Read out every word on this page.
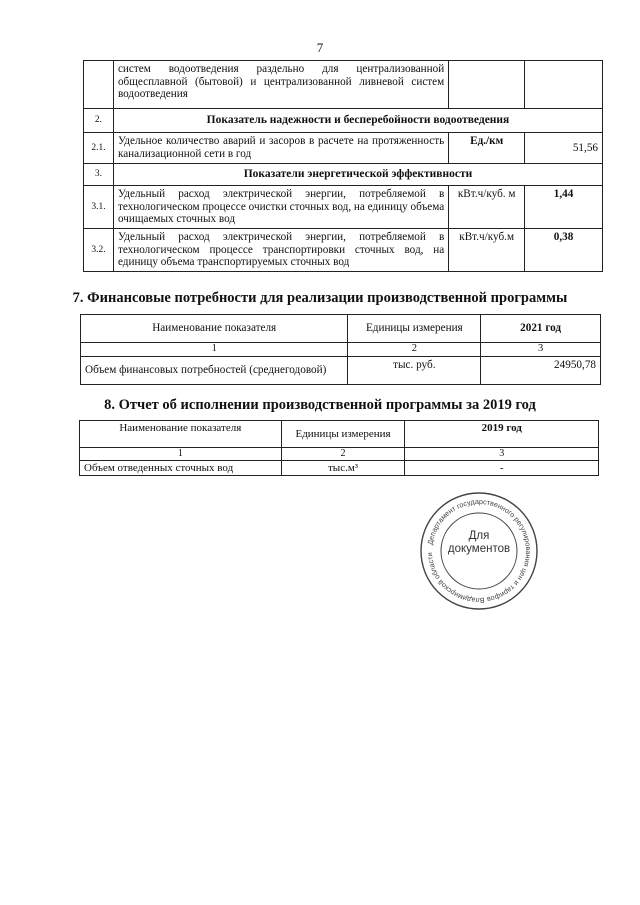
7
	систем водоотведения раздельно для централизованной общесплавной (бытовой) и централизованной ливневой систем водоотведения		
2.	Показатель надежности и бесперебойности водоотведения		
2.1.	Удельное количество аварий и засоров в расчете на протяженность канализационной сети в год	Ед./км	51,56
3.	Показатели энергетической эффективности		
3.1.	Удельный расход электрической энергии, потребляемой в технологическом процессе очистки сточных вод, на единицу объема очищаемых сточных вод	кВт.ч/куб. м	1,44
3.2.	Удельный расход электрической энергии, потребляемой в технологическом процессе транспортировки сточных вод, на единицу объема транспортируемых сточных вод	кВт.ч/куб.м	0,38
7. Финансовые потребности для реализации производственной программы
Наименование показателя	Единицы измерения	2021 год
1	2	3
Объем финансовых потребностей (среднегодовой)	тыс. руб.	24950,78
8. Отчет об исполнении производственной программы за 2019 год
Наименование показателя	Единицы измерения	2019 год
1	2	3
Объем отведенных сточных вод	тыс.м³	-
Департамент государственного регулирования цен и тарифов Владимирской области
Для
документов
